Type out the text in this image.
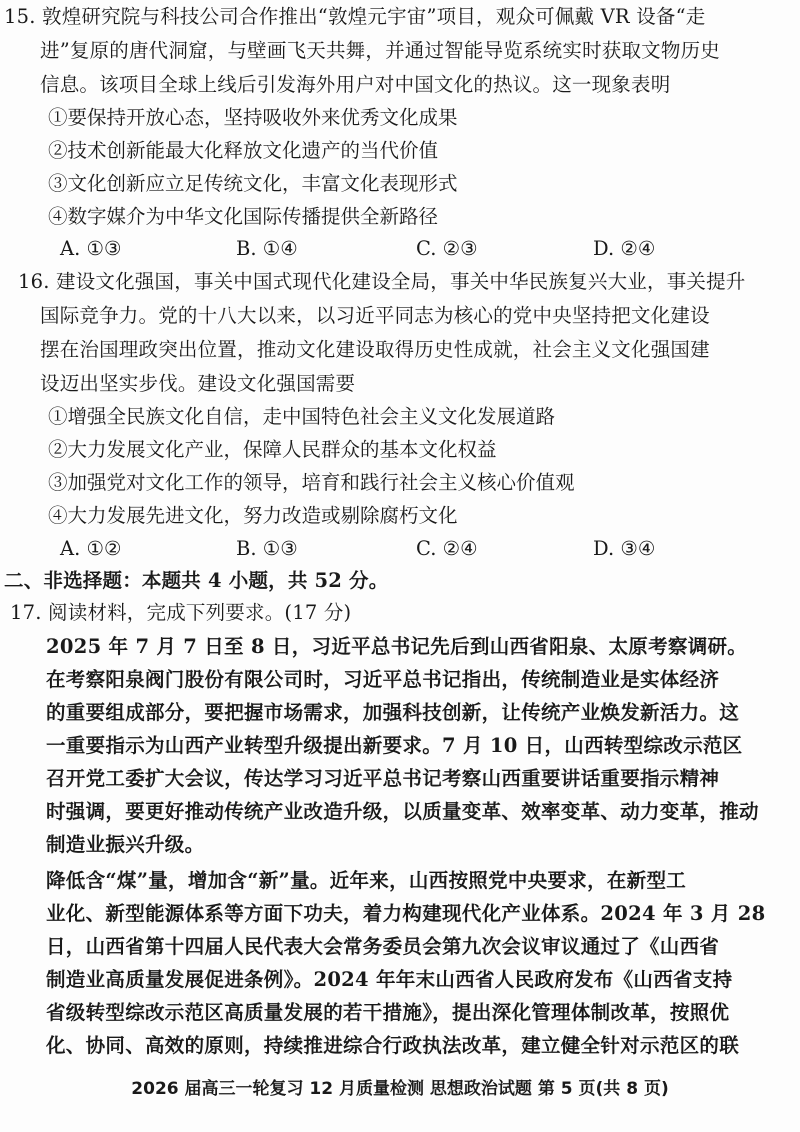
15. 敦煌研究院与科技公司合作推出“敦煌元宇宙”项目，观众可佩戴 VR 设备“走
进”复原的唐代洞窟，与壁画飞天共舞，并通过智能导览系统实时获取文物历史
信息。该项目全球上线后引发海外用户对中国文化的热议。这一现象表明
①要保持开放心态，坚持吸收外来优秀文化成果
②技术创新能最大化释放文化遗产的当代价值
③文化创新应立足传统文化，丰富文化表现形式
④数字媒介为中华文化国际传播提供全新路径
A. ①③	B. ①④	C. ②③	D. ②④
16. 建设文化强国，事关中国式现代化建设全局，事关中华民族复兴大业，事关提升
国际竞争力。党的十八大以来，以习近平同志为核心的党中央坚持把文化建设
摆在治国理政突出位置，推动文化建设取得历史性成就，社会主义文化强国建
设迈出坚实步伐。建设文化强国需要
①增强全民族文化自信，走中国特色社会主义文化发展道路
②大力发展文化产业，保障人民群众的基本文化权益
③加强党对文化工作的领导，培育和践行社会主义核心价值观
④大力发展先进文化，努力改造或剔除腐朽文化
A. ①②	B. ①③	C. ②④	D. ③④
二、非选择题：本题共 4 小题，共 52 分。
17. 阅读材料，完成下列要求。(17 分)
2025 年 7 月 7 日至 8 日，习近平总书记先后到山西省阳泉、太原考察调研。
在考察阳泉阀门股份有限公司时，习近平总书记指出，传统制造业是实体经济
的重要组成部分，要把握市场需求，加强科技创新，让传统产业焕发新活力。这
一重要指示为山西产业转型升级提出新要求。7 月 10 日，山西转型综改示范区
召开党工委扩大会议，传达学习习近平总书记考察山西重要讲话重要指示精神
时强调，要更好推动传统产业改造升级，以质量变革、效率变革、动力变革，推动
制造业振兴升级。
降低含“煤”量，增加含“新”量。近年来，山西按照党中央要求，在新型工
业化、新型能源体系等方面下功夫，着力构建现代化产业体系。2024 年 3 月 28
日，山西省第十四届人民代表大会常务委员会第九次会议审议通过了《山西省
制造业高质量发展促进条例》。2024 年年末山西省人民政府发布《山西省支持
省级转型综改示范区高质量发展的若干措施》，提出深化管理体制改革，按照优
化、协同、高效的原则，持续推进综合行政执法改革，建立健全针对示范区的联
2026 届高三一轮复习 12 月质量检测 思想政治试题 第 5 页(共 8 页)
